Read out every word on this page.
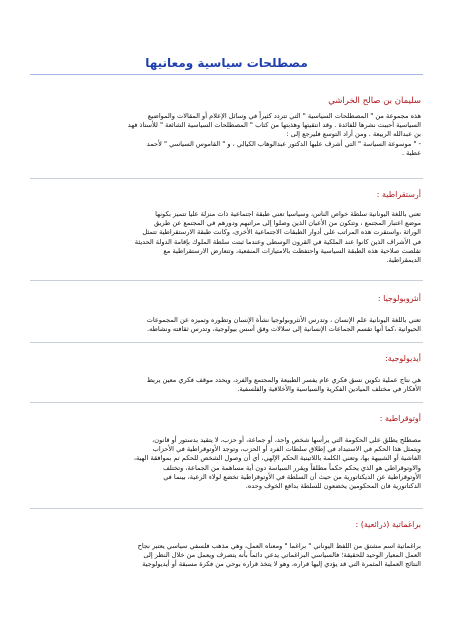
مصطلحات سياسية ومعانيها
سليمان بن صالح الخراشي
هذه مجموعة من " المصطلحات السياسية " التي تتردد كثيراً في وسائل الإعلام أو المقالات والمواضيع
السياسية أحببت نشرها للفائدة . وقد انتقيتها وهذبتها من كتاب " المصطلحات السياسية الشائعة " للأستاذ فهد
بن عبدالله الربيعة . ومن أراد التوسع فليرجع إلى :
- " موسوعة السياسة " التي أشرف عليها الدكتور عبدالوهاب الكيالي ، و " القاموس السياسي " لأحمد
عطية .
أرستقراطية :
تعني باللغة اليونانية سلطة خواص الناس، وسياسيا تعني طبقة اجتماعية ذات منزلة عليا تتميز بكونها
موضع اعتبار المجتمع ، وتتكون من الأعيان الذين وصلوا إلى مراتبهم ودورهم في المجتمع عن طريق
الوراثة ،واستقرت هذه المراتب على أدوار الطبقات الاجتماعية الأخرى، وكانت طبقة الارستقراطية تتمثل
في الأشراف الذين كانوا عند الملكية في القرون الوسطى وعندما ثبتت سلطة الملوك بإقامة الدولة الحديثة
تقلصت صلاحية هذه الطبقة السياسية واحتفظت بالامتيازات المنفعية، وتتعارض الارستقراطية مع
الديمقراطية.
أنثروبولوجيا :
تعني باللغة اليونانية علم الإنسان ، وتدرس الأنثروبولوجيا نشأة الإنسان وتطوره وتميزه عن المجموعات
الحيوانية ،كما أنها تقسم الجماعات الإنسانية إلى سلالات وفق أسس بيولوجية، وتدرس ثقافته ونشاطه.
أيديولوجية:
هي نتاج عملية تكوين نسق فكري عام يفسر الطبيعة والمجتمع والفرد، ويحدد موقف فكري معين يربط
الأفكار في مختلف الميادين الفكرية والسياسية والأخلاقية والفلسفية.
أوتوقراطية :
مصطلح يطلق على الحكومة التي يرأسها شخص واحد، أو جماعة، أو حزب، لا يتقيد بدستور أو قانون،
ويتمثل هذا الحكم في الاستبداد في إطلاق سلطات الفرد أو الحزب، وتوجد الأوتوقراطية في الأحزاب
الفاشية أو الشبيهة بها، وتعني الكلمة باللاتينية الحكم الإلهي، أي أن وصول الشخص للحكم تم بموافقة الهية،
والاوتوقراطي هو الذي يحكم حكماً مطلقاً ويقرر السياسة دون أية مساهمة من الجماعة، وتختلف
الأوتوقراطية عن الديكتاتورية من حيث أن السلطة في الأوتوقراطية تخضع لولاء الرعية، بينما في
الدكتاتورية فان المحكومين يخضعون للسلطة بدافع الخوف وحده.
براغماتية (ذرائعية) :
براغماتية اسم مشتق من اللفظ اليوناني " براغما " ومعناه العمل، وهي مذهب فلسفي سياسي يعتبر نجاح
العمل المعيار الوحيد للحقيقة؛ فالسياسي البراغماتي يدعي دائماً بأنه يتصرف ويعمل من خلال النظر إلى
النتائج العملية المثمرة التي قد يؤدي إليها قراره، وهو لا يتخذ قراره بوحي من فكرة مسبقة أو أيديولوجية
